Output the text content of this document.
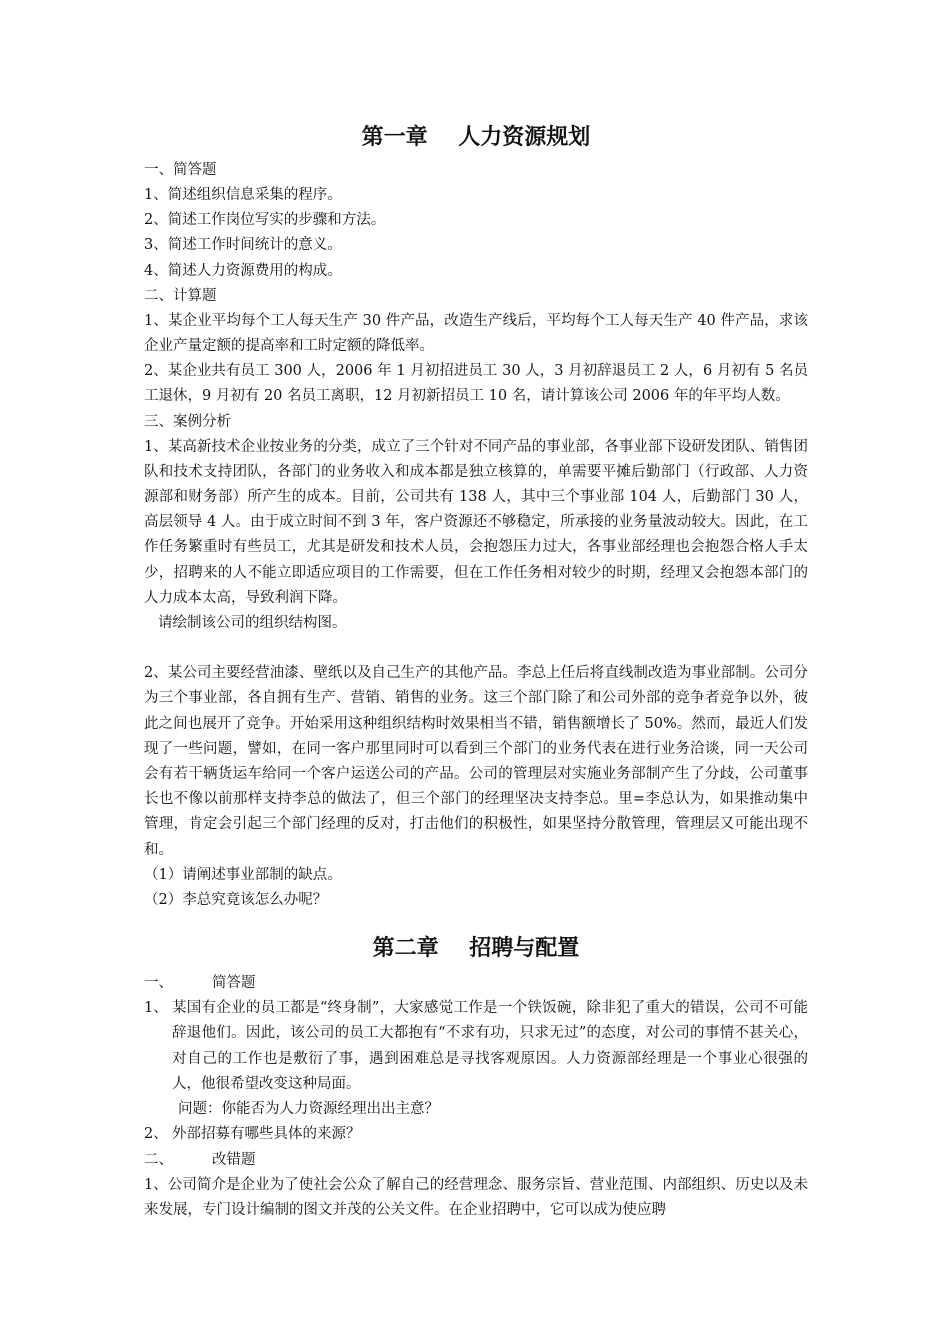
第一章    人力资源规划
一、简答题
1、简述组织信息采集的程序。
2、简述工作岗位写实的步骤和方法。
3、简述工作时间统计的意义。
4、简述人力资源费用的构成。
二、计算题
1、某企业平均每个工人每天生产 30 件产品，改造生产线后，平均每个工人每天生产 40 件产品，求该企业产量定额的提高率和工时定额的降低率。
2、某企业共有员工 300 人，2006 年 1 月初招进员工 30 人，3 月初辞退员工 2 人，6 月初有 5 名员工退休，9 月初有 20 名员工离职，12 月初新招员工 10 名，请计算该公司 2006 年的年平均人数。
三、案例分析
1、某高新技术企业按业务的分类，成立了三个针对不同产品的事业部，各事业部下设研发团队、销售团队和技术支持团队，各部门的业务收入和成本都是独立核算的，单需要平摊后勤部门（行政部、人力资源部和财务部）所产生的成本。目前，公司共有 138 人，其中三个事业部 104 人，后勤部门 30 人，高层领导 4 人。由于成立时间不到 3 年，客户资源还不够稳定，所承接的业务量波动较大。因此，在工作任务繁重时有些员工，尤其是研发和技术人员，会抱怨压力过大，各事业部经理也会抱怨合格人手太少，招聘来的人不能立即适应项目的工作需要，但在工作任务相对较少的时期，经理又会抱怨本部门的人力成本太高，导致利润下降。
请绘制该公司的组织结构图。
2、某公司主要经营油漆、壁纸以及自己生产的其他产品。李总上任后将直线制改造为事业部制。公司分为三个事业部，各自拥有生产、营销、销售的业务。这三个部门除了和公司外部的竞争者竞争以外，彼此之间也展开了竞争。开始采用这种组织结构时效果相当不错，销售额增长了 50%。然而，最近人们发现了一些问题，譬如，在同一客户那里同时可以看到三个部门的业务代表在进行业务洽谈，同一天公司会有若干辆货运车给同一个客户运送公司的产品。公司的管理层对实施业务部制产生了分歧，公司董事长也不像以前那样支持李总的做法了，但三个部门的经理坚决支持李总。里=李总认为，如果推动集中管理，肯定会引起三个部门经理的反对，打击他们的积极性，如果坚持分散管理，管理层又可能出现不和。
（1）请阐述事业部制的缺点。
（2）李总究竟该怎么办呢？
第二章    招聘与配置
一、	简答题
1、 某国有企业的员工都是“终身制”，大家感觉工作是一个铁饭碗，除非犯了重大的错误，公司不可能辞退他们。因此，该公司的员工大都抱有“不求有功，只求无过”的态度，对公司的事情不甚关心，对自己的工作也是敷衍了事，遇到困难总是寻找客观原因。人力资源部经理是一个事业心很强的人，他很希望改变这种局面。
问题：你能否为人力资源经理出出主意？
2、 外部招募有哪些具体的来源？
二、	改错题
1、公司简介是企业为了使社会公众了解自己的经营理念、服务宗旨、营业范围、内部组织、历史以及未来发展，专门设计编制的图文并茂的公关文件。在企业招聘中，它可以成为使应聘
